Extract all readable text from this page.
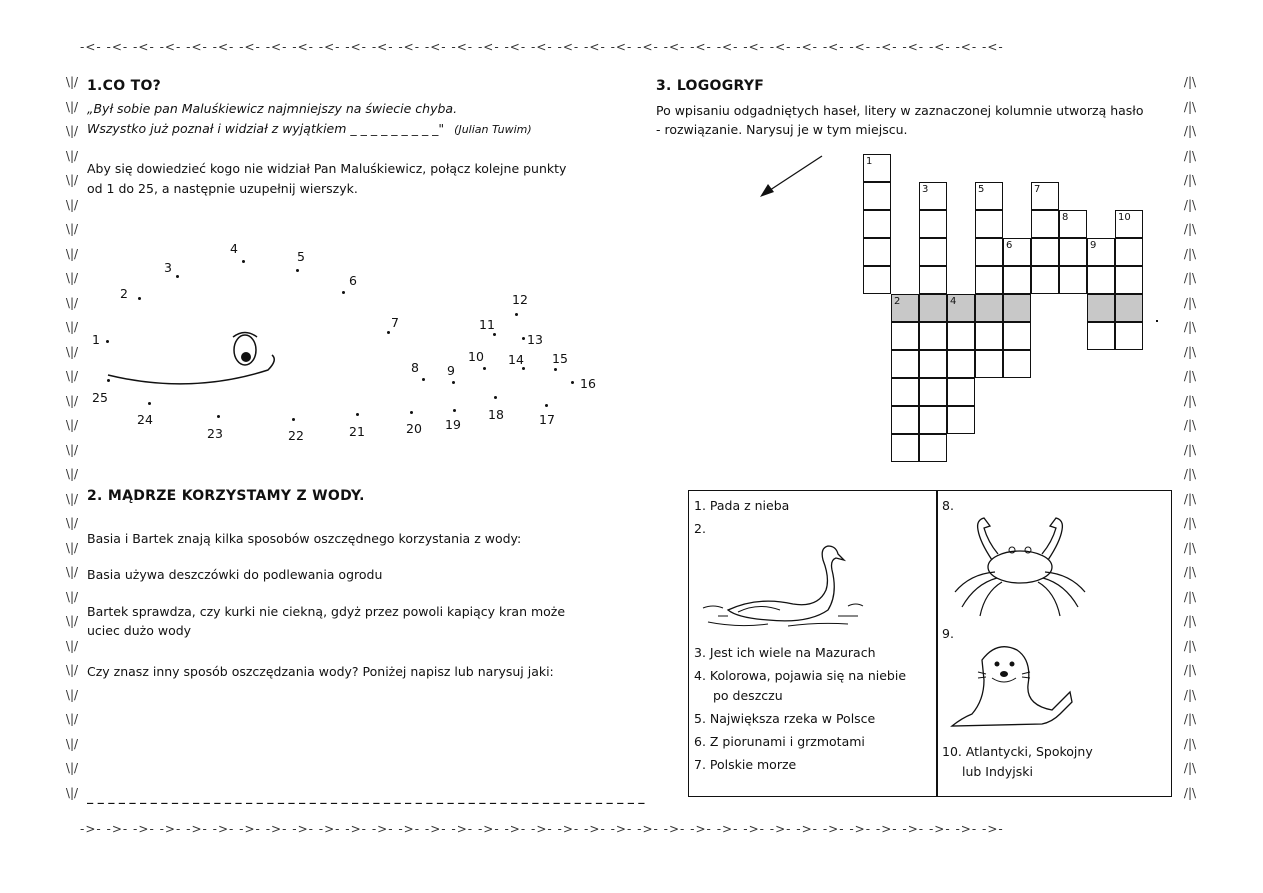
-<- -<- -<- -<- -<- -<- -<- -<- -<- -<- -<- -<- -<- -<- -<- -<- -<- -<- -<- -<- -<- -<- -<- -<- -<- -<- -<- -<- -<- -<- -<- -<- -<- -<- -<-
->- ->- ->- ->- ->- ->- ->- ->- ->- ->- ->- ->- ->- ->- ->- ->- ->- ->- ->- ->- ->- ->- ->- ->- ->- ->- ->- ->- ->- ->- ->- ->- ->- ->- ->-
\|/ \|/ \|/ \|/ \|/ \|/ \|/ \|/ \|/ \|/ \|/ \|/ \|/ \|/ \|/ \|/ \|/ \|/ \|/ \|/ \|/ \|/ \|/ \|/ \|/ \|/ \|/ \|/ \|/ \|/
/|\ /|\ /|\ /|\ /|\ /|\ /|\ /|\ /|\ /|\ /|\ /|\ /|\ /|\ /|\ /|\ /|\ /|\ /|\ /|\ /|\ /|\ /|\ /|\ /|\ /|\ /|\ /|\ /|\ /|\
1.CO TO?
„Był sobie pan Maluśkiewicz najmniejszy na świecie chyba.
Wszystko już poznał i widział z wyjątkiem _ _ _ _ _ _ _ _ _" (Julian Tuwim)
Aby się dowiedzieć kogo nie widział Pan Maluśkiewicz, połącz kolejne punkty
od 1 do 25, a następnie uzupełnij wierszyk.
1
2
3
4
5
6
7
8 9
10
11
12
13
14 15
16
17
18
19
20
21
22
23
24
25
2. MĄDRZE KORZYSTAMY Z WODY.
Basia i Bartek znają kilka sposobów oszczędnego korzystania z wody:
Basia używa deszczówki do podlewania ogrodu
Bartek sprawdza, czy kurki nie ciekną, gdyż przez powoli kapiący kran może
uciec dużo wody
Czy znasz inny sposób oszczędzania wody? Poniżej napisz lub narysuj jaki:
_ _ _ _ _ _ _ _ _ _ _ _ _ _ _ _ _ _ _ _ _ _ _ _ _ _ _ _ _ _ _ _ _ _ _ _ _ _ _ _ _ _ _ _ _ _ _ _ _ _ _ _ _
3. LOGOGRYF
Po wpisaniu odgadniętych haseł, litery w zaznaczonej kolumnie utworzą hasło
- rozwiązanie. Narysuj je w tym miejscu.
1
2
3
4
5
6
7
8
9
10
1. Pada z nieba
2.
3. Jest ich wiele na Mazurach
4. Kolorowa, pojawia się na niebie
po deszczu
5. Największa rzeka w Polsce
6. Z piorunami i grzmotami
7. Polskie morze
8.
9.
10. Atlantycki, Spokojny
lub Indyjski
